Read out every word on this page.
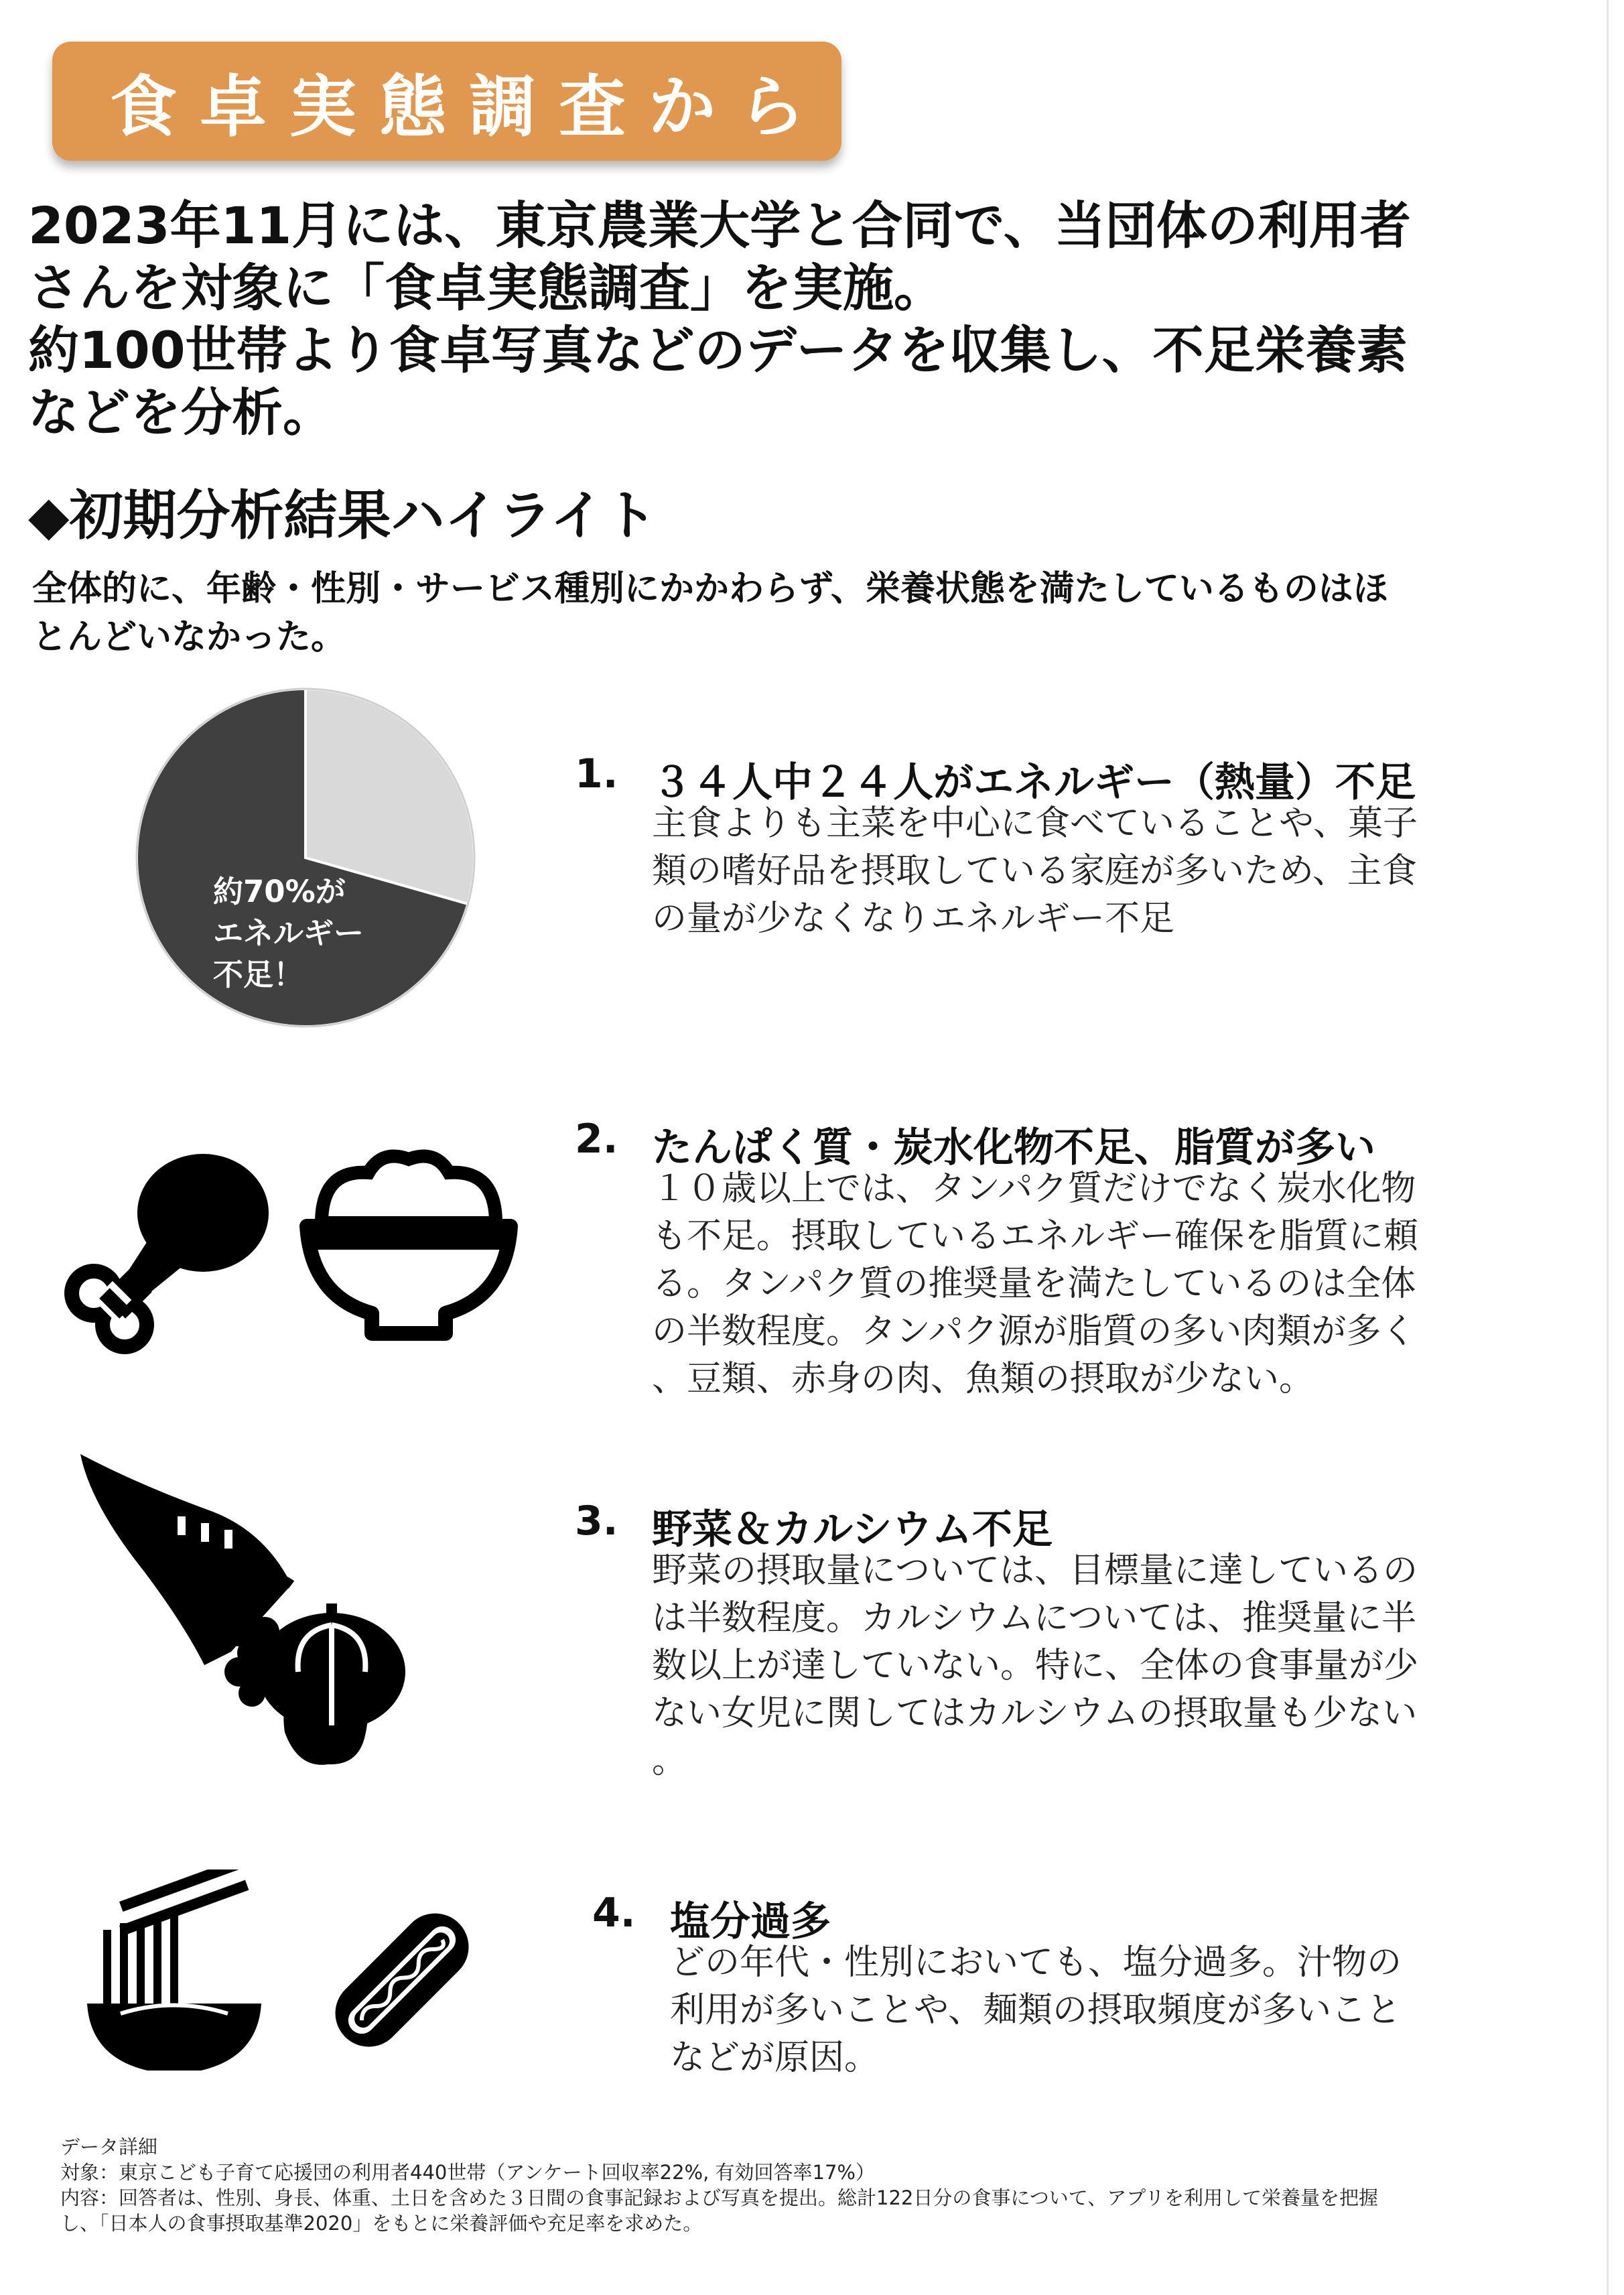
食卓実態調査から
2023年11月には、東京農業大学と合同で、当団体の利用者
さんを対象に「食卓実態調査」を実施。
約100世帯より食卓写真などのデータを収集し、不足栄養素
などを分析。
◆初期分析結果ハイライト
全体的に、年齢・性別・サービス種別にかかわらず、栄養状態を満たしているものはほ
とんどいなかった。
約70%が
エネルギー
不足！
1. ３４人中２４人がエネルギー（熱量）不足
主食よりも主菜を中心に食べていることや、菓子
類の嗜好品を摂取している家庭が多いため、主食
の量が少なくなりエネルギー不足
2. たんぱく質・炭水化物不足、脂質が多い
１０歳以上では、タンパク質だけでなく炭水化物
も不足。摂取しているエネルギー確保を脂質に頼
る。タンパク質の推奨量を満たしているのは全体
の半数程度。タンパク源が脂質の多い肉類が多く
、豆類、赤身の肉、魚類の摂取が少ない。
3. 野菜＆カルシウム不足
野菜の摂取量については、目標量に達しているの
は半数程度。カルシウムについては、推奨量に半
数以上が達していない。特に、全体の食事量が少
ない女児に関してはカルシウムの摂取量も少ない
。
4. 塩分過多
どの年代・性別においても、塩分過多。汁物の
利用が多いことや、麺類の摂取頻度が多いこと
などが原因。
データ詳細
対象：東京こども子育て応援団の利用者440世帯（アンケート回収率22%, 有効回答率17%）
内容：回答者は、性別、身長、体重、土日を含めた３日間の食事記録および写真を提出。総計122日分の食事について、アプリを利用して栄養量を把握
し、「日本人の食事摂取基準2020」をもとに栄養評価や充足率を求めた。
